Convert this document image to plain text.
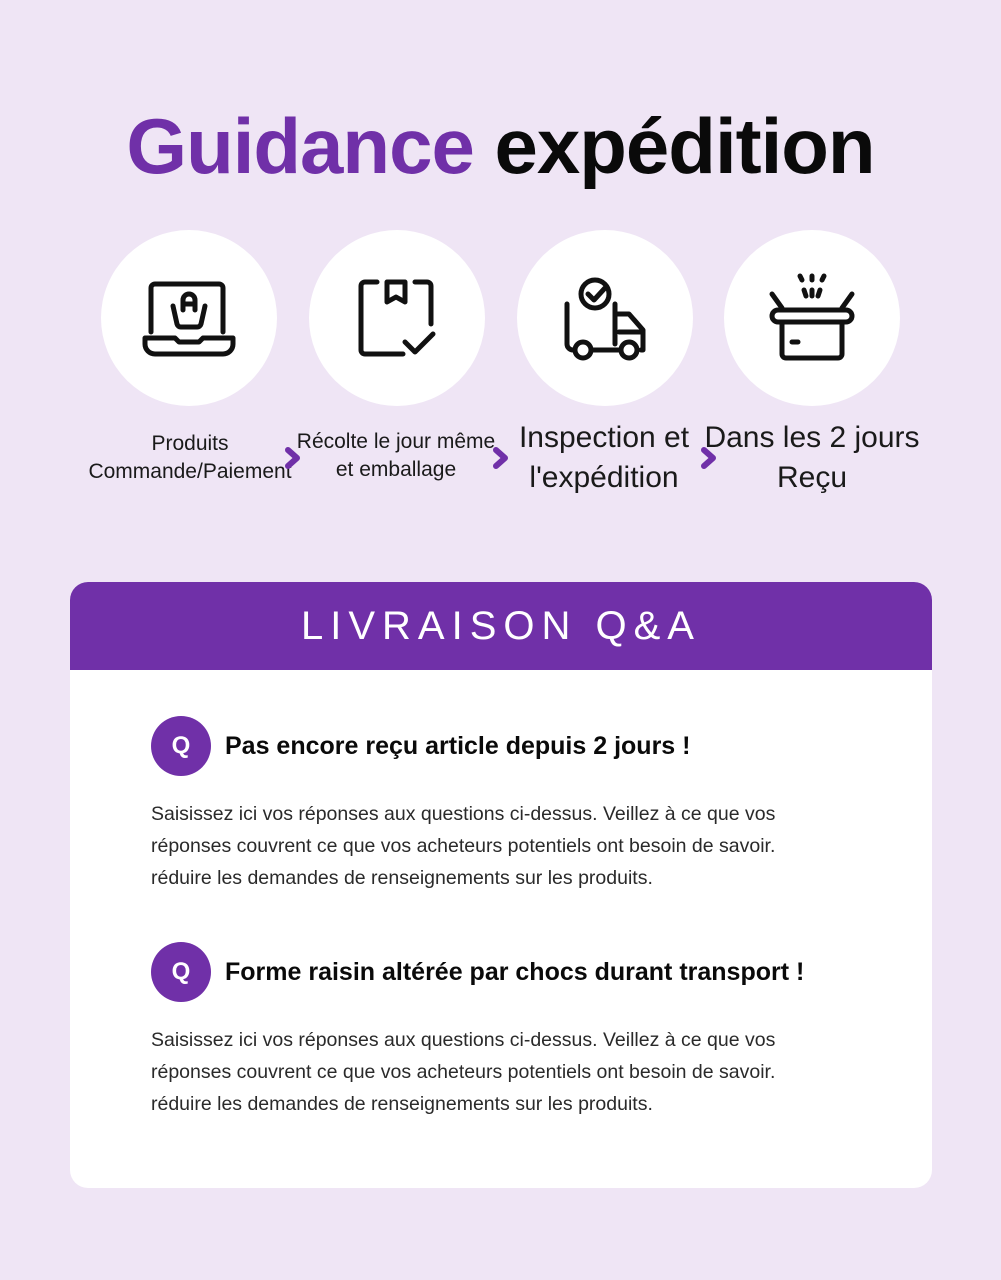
Guidance expédition
Produits
Commande/Paiement
Récolte le jour même
et emballage
Inspection et
l'expédition
Dans les 2 jours
Reçu
LIVRAISON Q&A
Q	Pas encore reçu article depuis 2 jours !
Saisissez ici vos réponses aux questions ci-dessus. Veillez à ce que vos
réponses couvrent ce que vos acheteurs potentiels ont besoin de savoir.
réduire les demandes de renseignements sur les produits.
Q	Forme raisin altérée par chocs durant transport !
Saisissez ici vos réponses aux questions ci-dessus. Veillez à ce que vos
réponses couvrent ce que vos acheteurs potentiels ont besoin de savoir.
réduire les demandes de renseignements sur les produits.
